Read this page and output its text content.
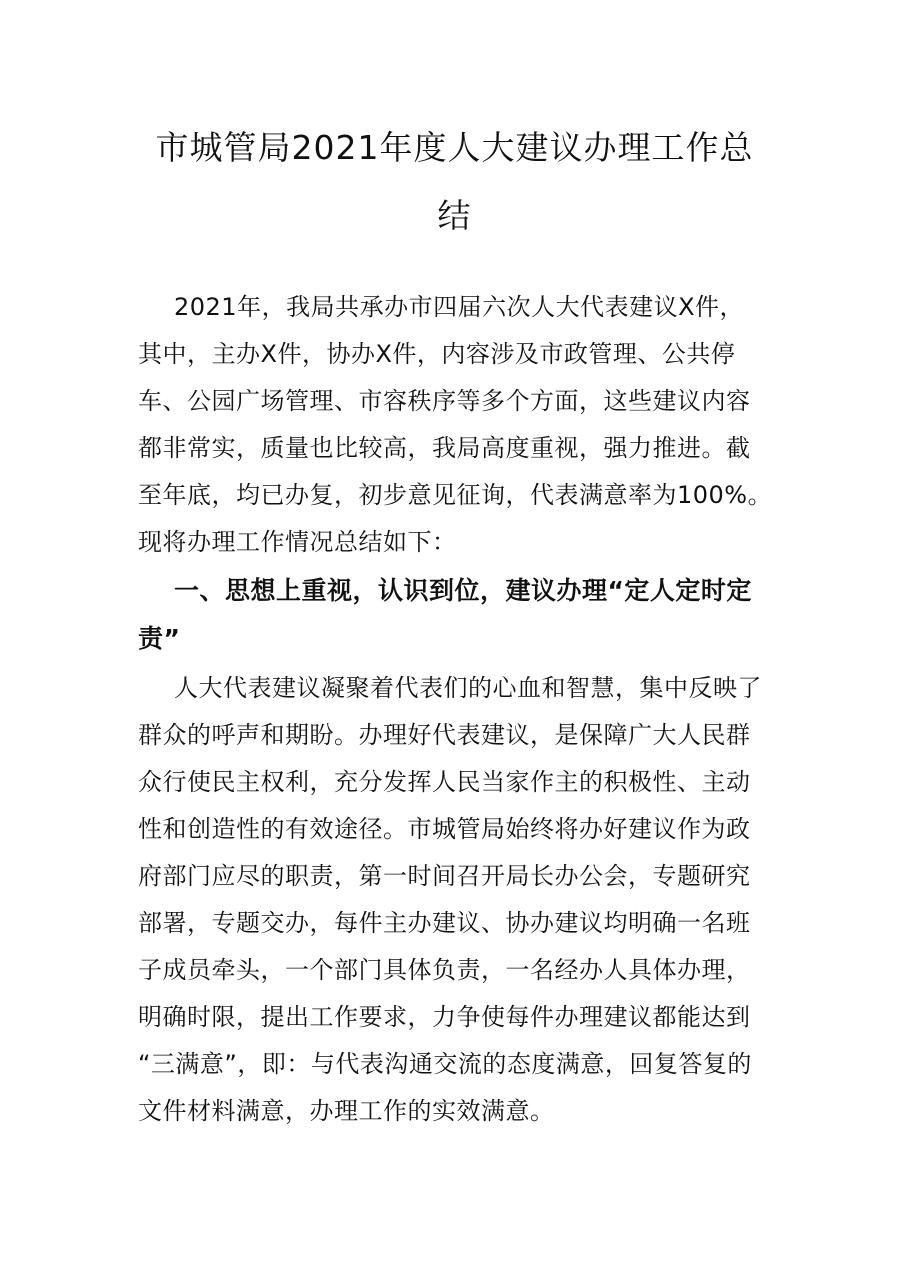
市城管局2021年度人大建议办理工作总
结
2021年，我局共承办市四届六次人大代表建议X件，
其中，主办X件，协办X件，内容涉及市政管理、公共停
车、公园广场管理、市容秩序等多个方面，这些建议内容
都非常实，质量也比较高，我局高度重视，强力推进。截
至年底，均已办复，初步意见征询，代表满意率为100%。
现将办理工作情况总结如下：
一、思想上重视，认识到位，建议办理“定人定时定
责”
人大代表建议凝聚着代表们的心血和智慧，集中反映了
群众的呼声和期盼。办理好代表建议，是保障广大人民群
众行使民主权利，充分发挥人民当家作主的积极性、主动
性和创造性的有效途径。市城管局始终将办好建议作为政
府部门应尽的职责，第一时间召开局长办公会，专题研究
部署，专题交办，每件主办建议、协办建议均明确一名班
子成员牵头，一个部门具体负责，一名经办人具体办理，
明确时限，提出工作要求，力争使每件办理建议都能达到
“三满意”，即：与代表沟通交流的态度满意，回复答复的
文件材料满意，办理工作的实效满意。
